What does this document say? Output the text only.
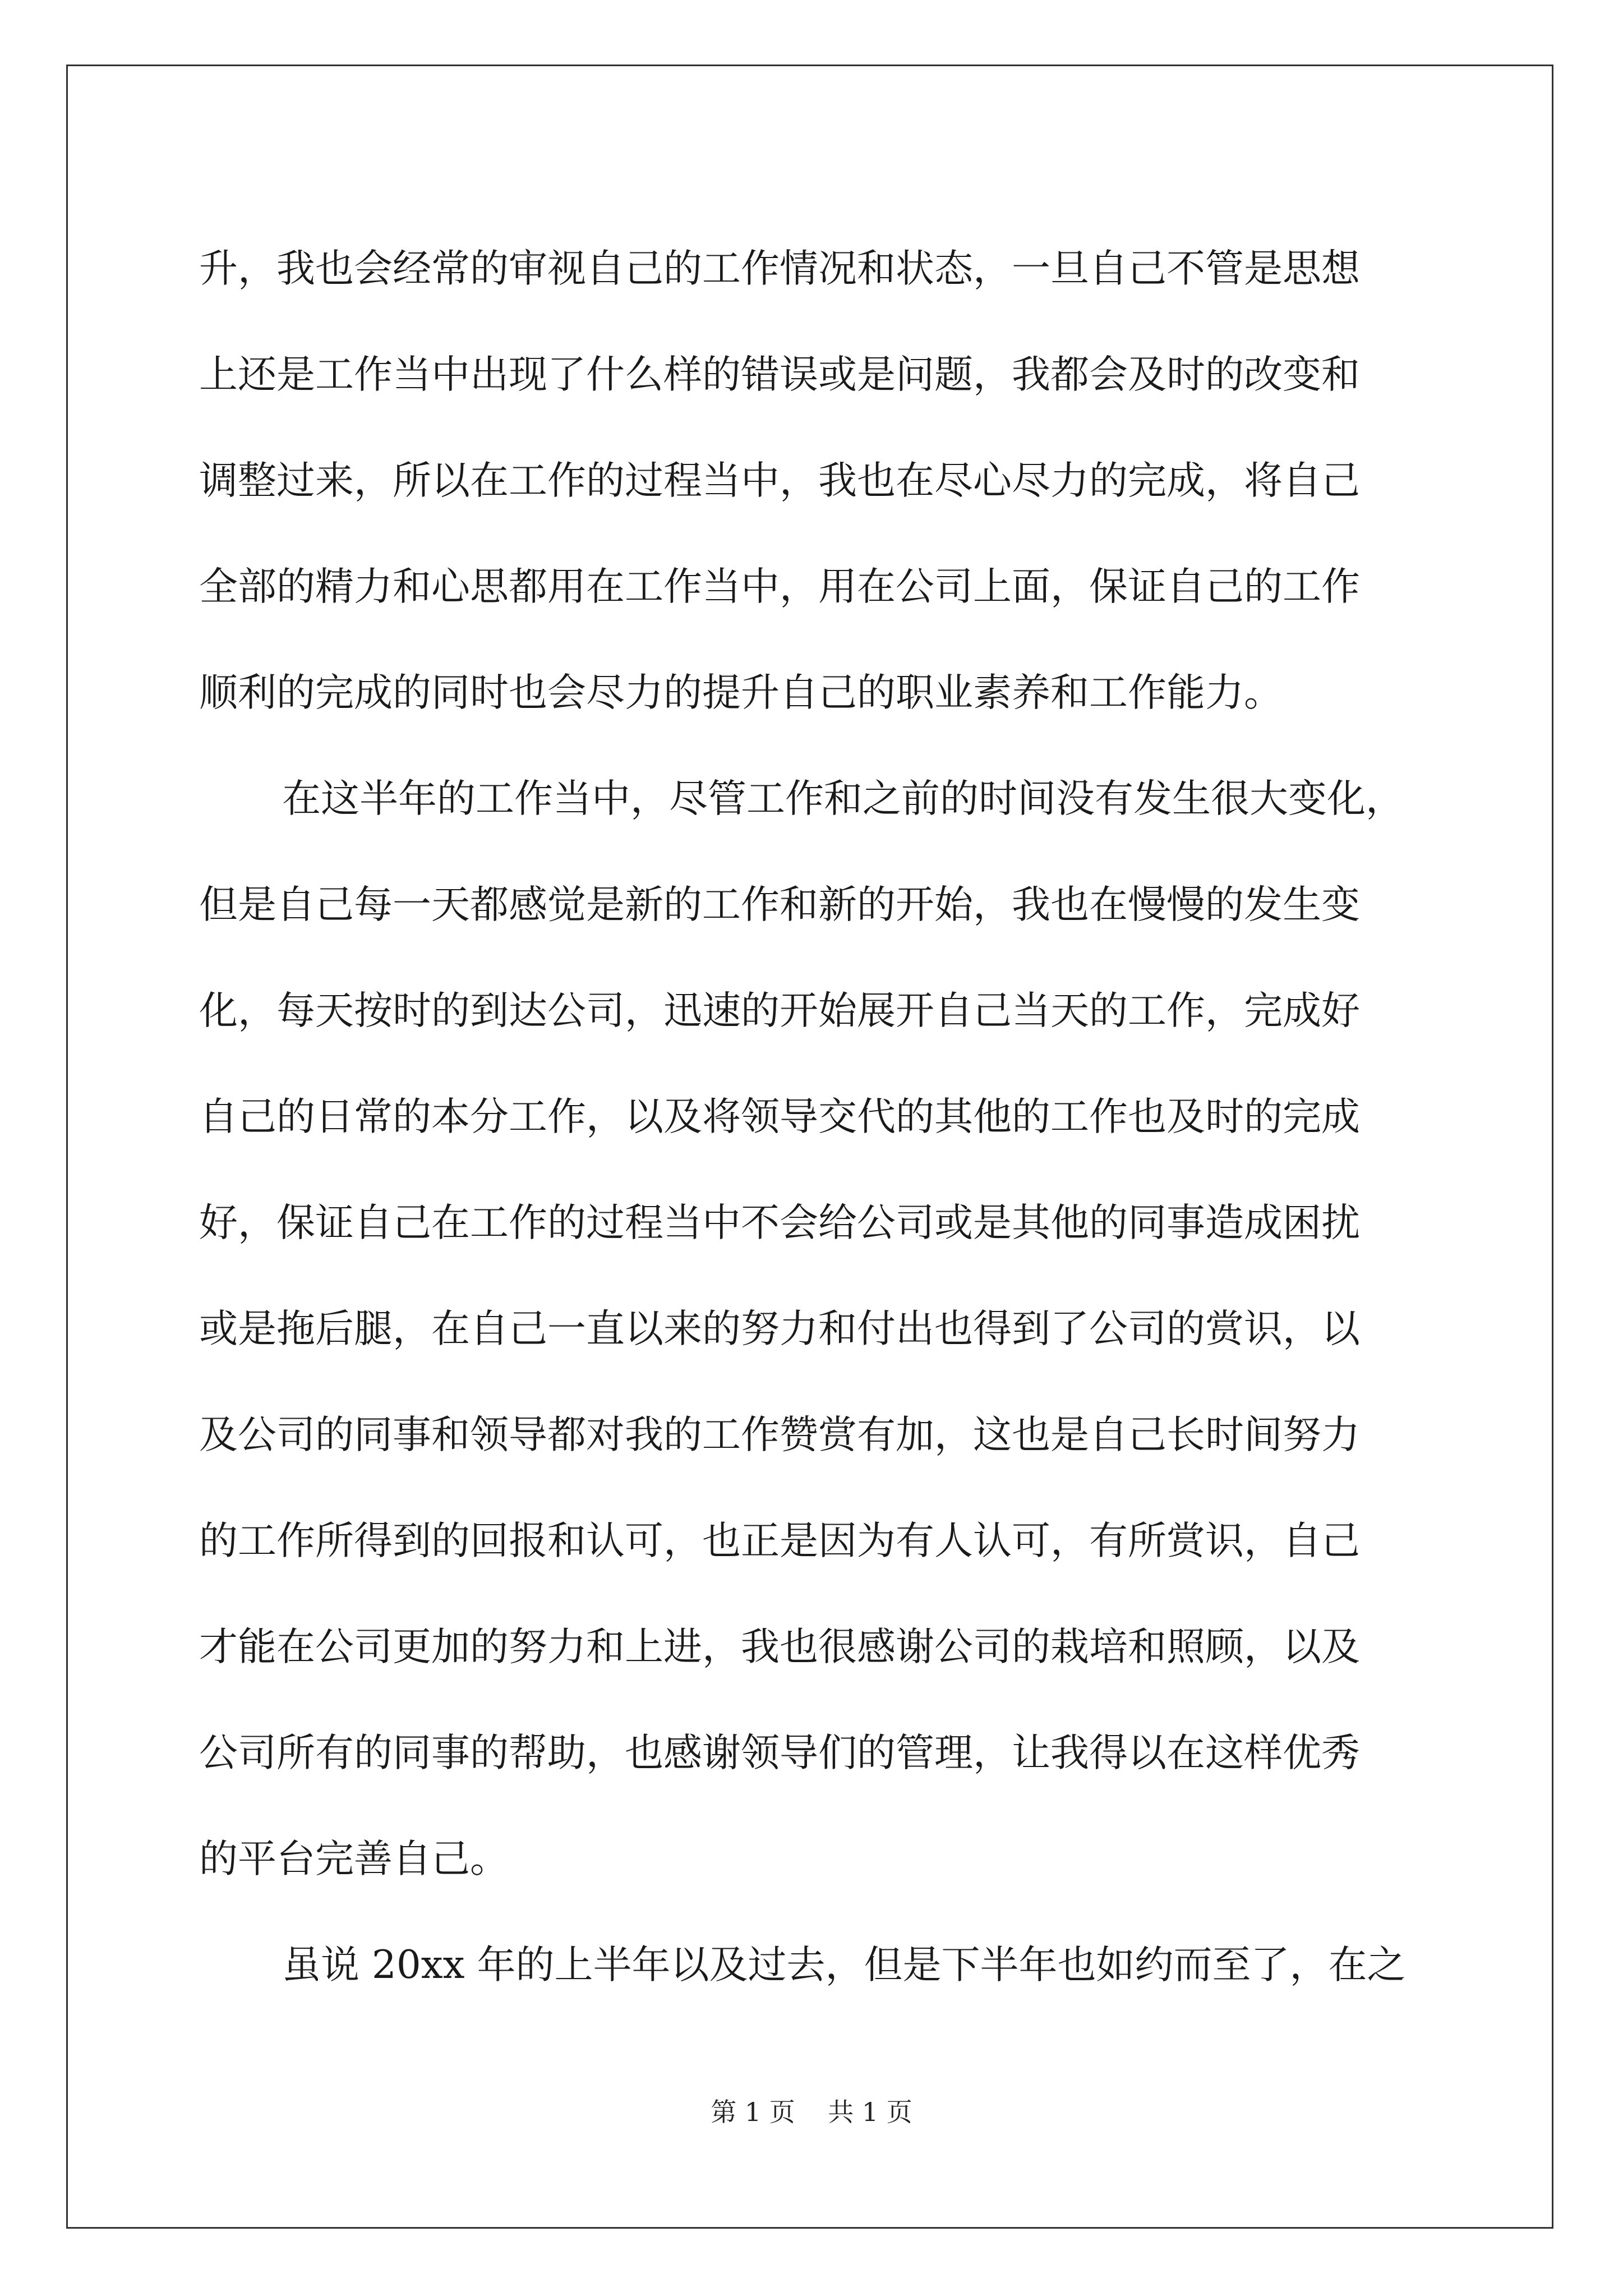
升，我也会经常的审视自己的工作情况和状态，一旦自己不管是思想
上还是工作当中出现了什么样的错误或是问题，我都会及时的改变和
调整过来，所以在工作的过程当中，我也在尽心尽力的完成，将自己
全部的精力和心思都用在工作当中，用在公司上面，保证自己的工作
顺利的完成的同时也会尽力的提升自己的职业素养和工作能力。
在这半年的工作当中，尽管工作和之前的时间没有发生很大变化，
但是自己每一天都感觉是新的工作和新的开始，我也在慢慢的发生变
化，每天按时的到达公司，迅速的开始展开自己当天的工作，完成好
自己的日常的本分工作，以及将领导交代的其他的工作也及时的完成
好，保证自己在工作的过程当中不会给公司或是其他的同事造成困扰
或是拖后腿，在自己一直以来的努力和付出也得到了公司的赏识，以
及公司的同事和领导都对我的工作赞赏有加，这也是自己长时间努力
的工作所得到的回报和认可，也正是因为有人认可，有所赏识，自己
才能在公司更加的努力和上进，我也很感谢公司的栽培和照顾，以及
公司所有的同事的帮助，也感谢领导们的管理，让我得以在这样优秀
的平台完善自己。
虽说 20xx 年的上半年以及过去，但是下半年也如约而至了，在之
第 1 页    共 1 页
